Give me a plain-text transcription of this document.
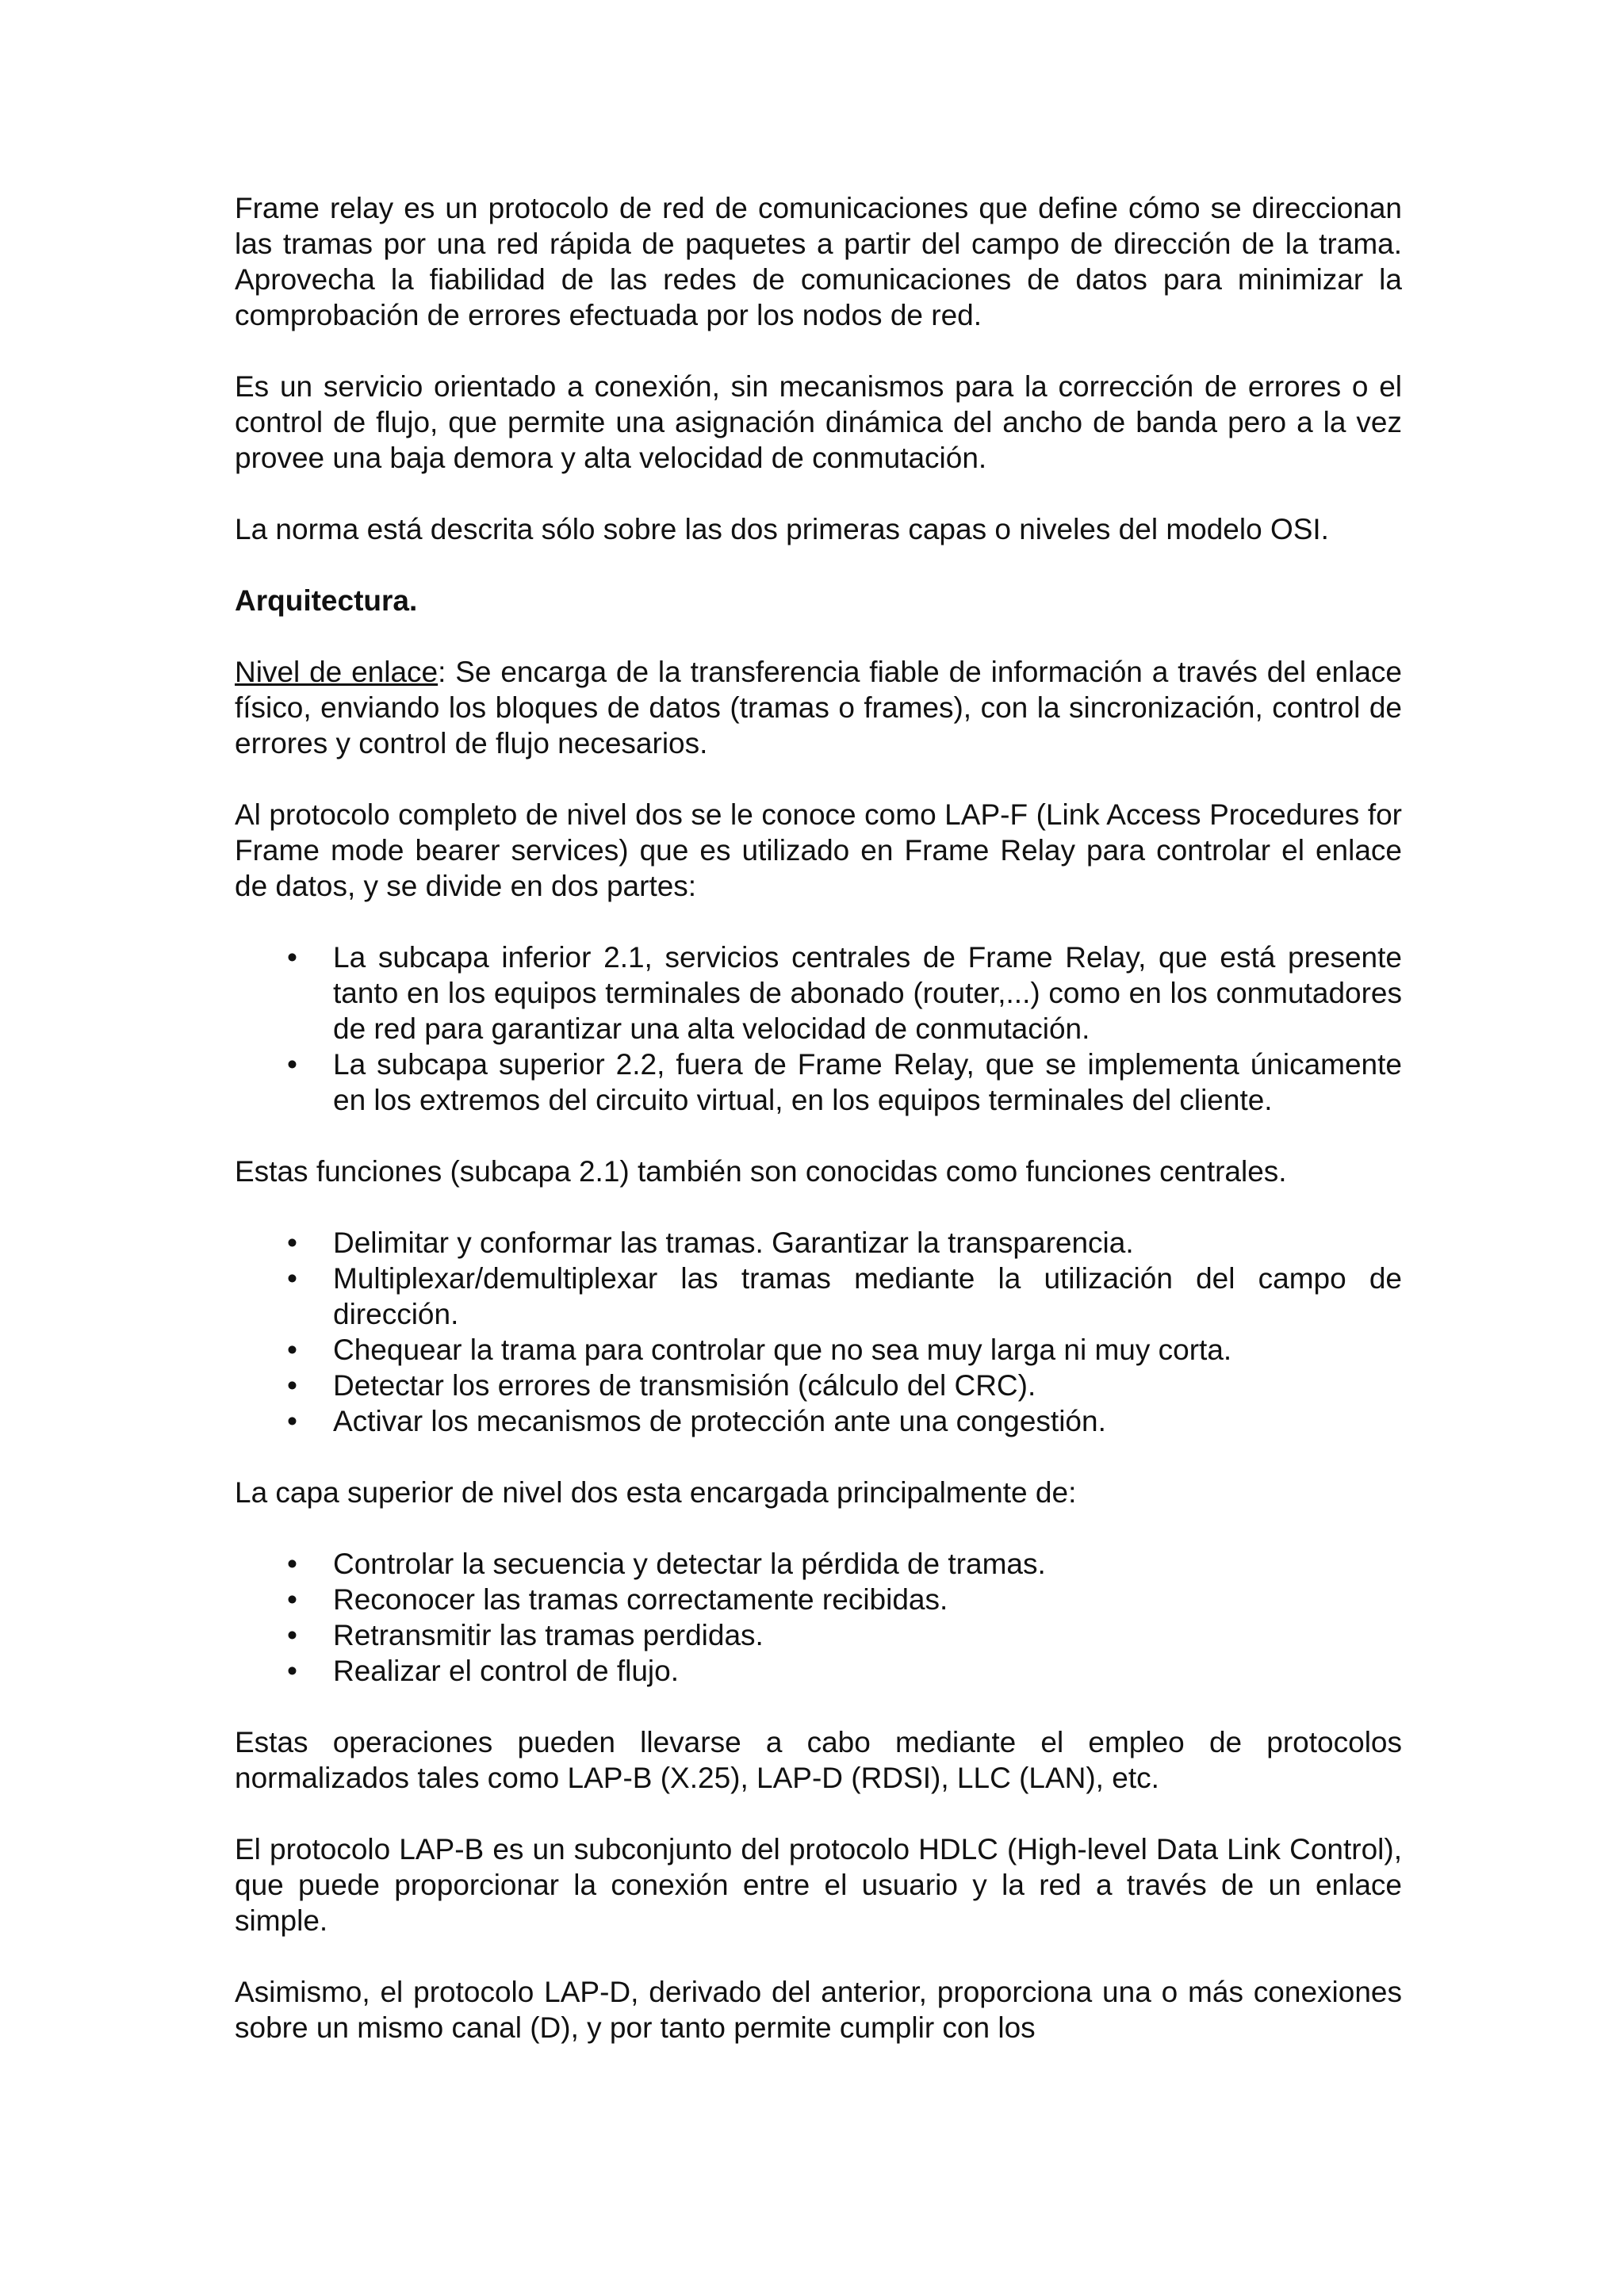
Frame relay es un protocolo de red de comunicaciones que define cómo se direccionan las tramas por una red rápida de paquetes a partir del campo de dirección de la trama. Aprovecha la fiabilidad de las redes de comunicaciones de datos para minimizar la comprobación de errores efectuada por los nodos de red.

Es un servicio orientado a conexión, sin mecanismos para la corrección de errores o el control de flujo, que permite una asignación dinámica del ancho de banda pero a la vez provee una baja demora y alta velocidad de conmutación.

La norma está descrita sólo sobre las dos primeras capas o niveles del modelo OSI.

Arquitectura.

Nivel de enlace: Se encarga de la transferencia fiable de información a través del enlace físico, enviando los bloques de datos (tramas o frames), con la sincronización, control de errores y control de flujo necesarios.

Al protocolo completo de nivel dos se le conoce como LAP-F (Link Access Procedures for Frame mode bearer services) que es utilizado en Frame Relay para controlar el enlace de datos, y se divide en dos partes:

• La subcapa inferior 2.1, servicios centrales de Frame Relay, que está presente tanto en los equipos terminales de abonado (router,...) como en los conmutadores de red para garantizar una alta velocidad de conmutación.
• La subcapa superior 2.2, fuera de Frame Relay, que se implementa únicamente en los extremos del circuito virtual, en los equipos terminales del cliente.

Estas funciones (subcapa 2.1) también son conocidas como funciones centrales.

• Delimitar y conformar las tramas. Garantizar la transparencia.
• Multiplexar/demultiplexar las tramas mediante la utilización del campo de dirección.
• Chequear la trama para controlar que no sea muy larga ni muy corta.
• Detectar los errores de transmisión (cálculo del CRC).
• Activar los mecanismos de protección ante una congestión.

La capa superior de nivel dos esta encargada principalmente de:

• Controlar la secuencia y detectar la pérdida de tramas.
• Reconocer las tramas correctamente recibidas.
• Retransmitir las tramas perdidas.
• Realizar el control de flujo.

Estas operaciones pueden llevarse a cabo mediante el empleo de protocolos normalizados tales como LAP-B (X.25), LAP-D (RDSI), LLC (LAN), etc.

El protocolo LAP-B es un subconjunto del protocolo HDLC (High-level Data Link Control), que puede proporcionar la conexión entre el usuario y la red a través de un enlace simple.

Asimismo, el protocolo LAP-D, derivado del anterior, proporciona una o más conexiones sobre un mismo canal (D), y por tanto permite cumplir con los
